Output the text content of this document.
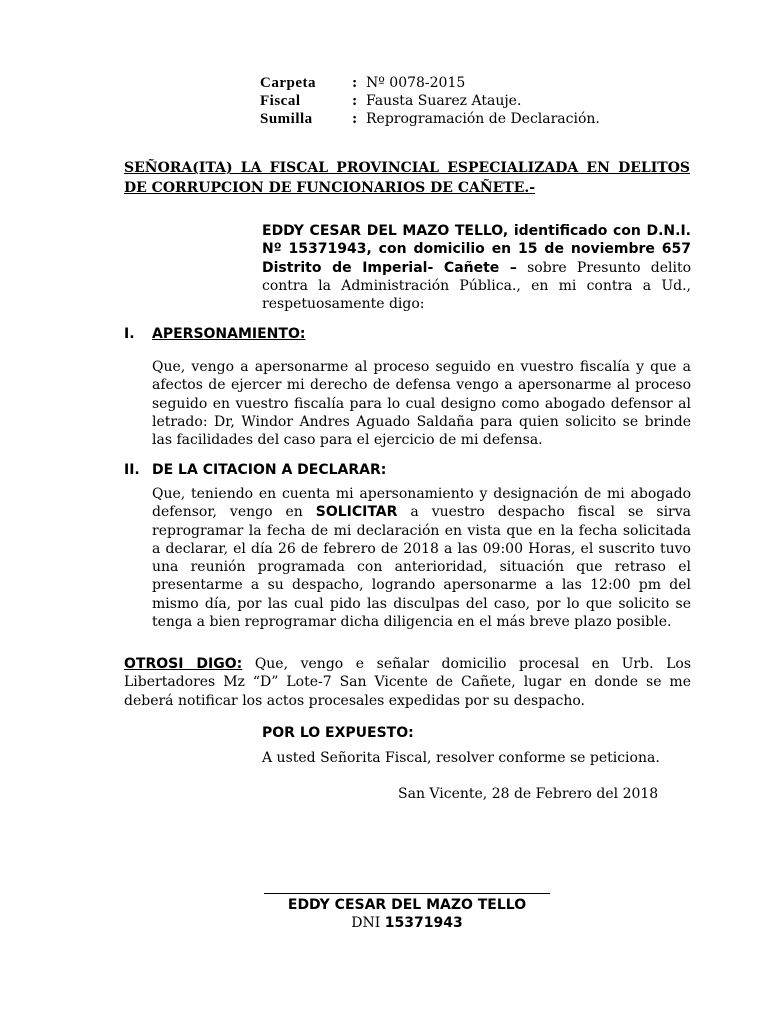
Carpeta	: Nº 0078-2015
Fiscal	: Fausta Suarez Atauje.
Sumilla	: Reprogramación de Declaración.
SEÑORA(ITA) LA FISCAL PROVINCIAL ESPECIALIZADA EN DELITOS DE CORRUPCION DE FUNCIONARIOS DE CAÑETE.-
EDDY CESAR DEL MAZO TELLO, identificado con D.N.I. Nº 15371943, con domicilio en 15 de noviembre 657 Distrito de Imperial- Cañete – sobre Presunto delito contra la Administración Pública., en mi contra a Ud., respetuosamente digo:
I. APERSONAMIENTO:
Que, vengo a apersonarme al proceso seguido en vuestro fiscalía y que a afectos de ejercer mi derecho de defensa vengo a apersonarme al proceso seguido en vuestro fiscalía para lo cual designo como abogado defensor al letrado: Dr, Windor Andres Aguado Saldaña para quien solicito se brinde las facilidades del caso para el ejercicio de mi defensa.
II. DE LA CITACION A DECLARAR:
Que, teniendo en cuenta mi apersonamiento y designación de mi abogado defensor, vengo en SOLICITAR a vuestro despacho fiscal se sirva reprogramar la fecha de mi declaración en vista que en la fecha solicitada a declarar, el día 26 de febrero de 2018 a las 09:00 Horas, el suscrito tuvo una reunión programada con anterioridad, situación que retraso el presentarme a su despacho, logrando apersonarme a las 12:00 pm del mismo día, por las cual pido las disculpas del caso, por lo que solicito se tenga a bien reprogramar dicha diligencia en el más breve plazo posible.
OTROSI DIGO: Que, vengo e señalar domicilio procesal en Urb. Los Libertadores Mz “D” Lote-7 San Vicente de Cañete, lugar en donde se me deberá notificar los actos procesales expedidas por su despacho.
POR LO EXPUESTO:
A usted Señorita Fiscal, resolver conforme se peticiona.
San Vicente, 28 de Febrero del 2018
EDDY CESAR DEL MAZO TELLO
DNI 15371943
